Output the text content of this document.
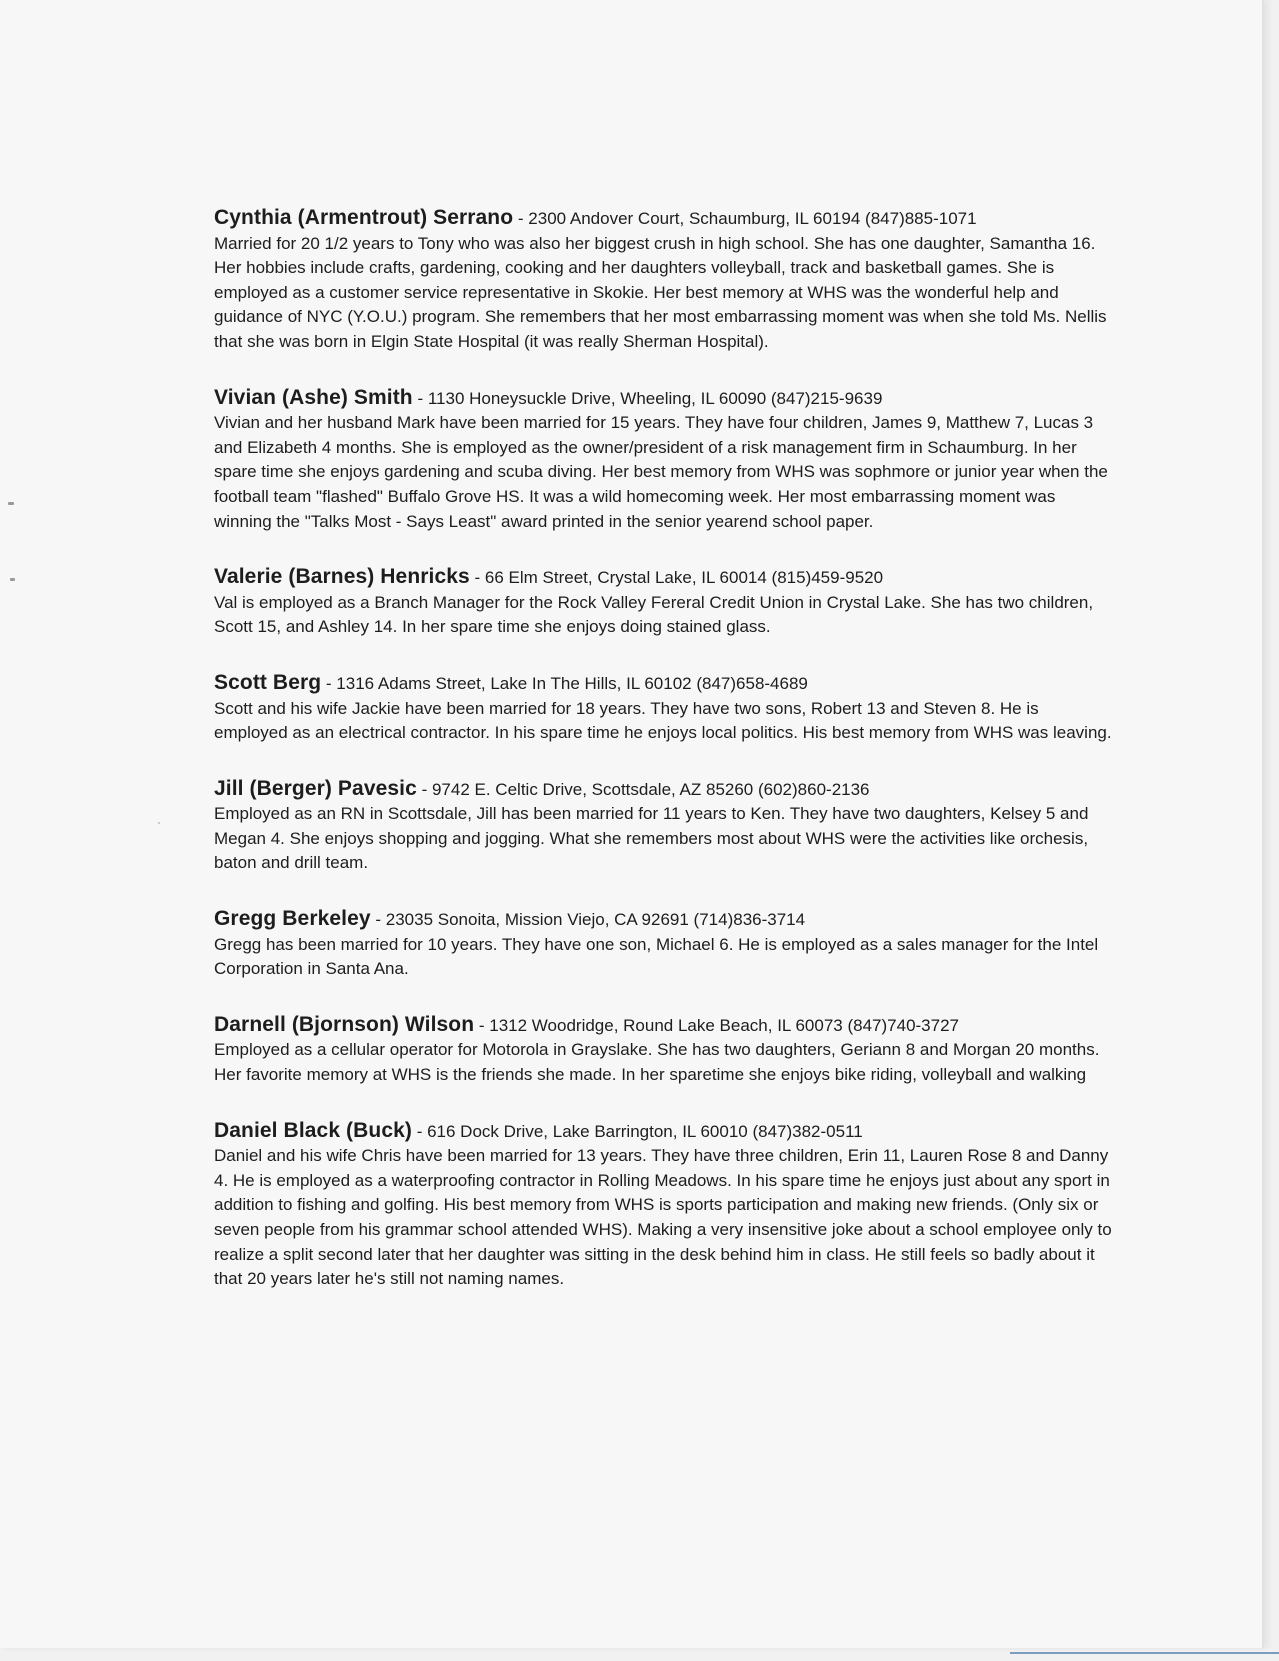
Cynthia (Armentrout) Serrano - 2300 Andover Court, Schaumburg, IL 60194 (847)885-1071
Married for 20 1/2 years to Tony who was also her biggest crush in high school. She has one daughter, Samantha 16. Her hobbies include crafts, gardening, cooking and her daughters volleyball, track and basketball games. She is employed as a customer service representative in Skokie. Her best memory at WHS was the wonderful help and guidance of NYC (Y.O.U.) program. She remembers that her most embarrassing moment was when she told Ms. Nellis that she was born in Elgin State Hospital (it was really Sherman Hospital).
Vivian (Ashe) Smith - 1130 Honeysuckle Drive, Wheeling, IL 60090 (847)215-9639
Vivian and her husband Mark have been married for 15 years. They have four children, James 9, Matthew 7, Lucas 3 and Elizabeth 4 months. She is employed as the owner/president of a risk management firm in Schaumburg. In her spare time she enjoys gardening and scuba diving. Her best memory from WHS was sophmore or junior year when the football team "flashed" Buffalo Grove HS. It was a wild homecoming week. Her most embarrassing moment was winning the "Talks Most - Says Least" award printed in the senior yearend school paper.
Valerie (Barnes) Henricks - 66 Elm Street, Crystal Lake, IL 60014 (815)459-9520
Val is employed as a Branch Manager for the Rock Valley Fereral Credit Union in Crystal Lake. She has two children, Scott 15, and Ashley 14. In her spare time she enjoys doing stained glass.
Scott Berg - 1316 Adams Street, Lake In The Hills, IL 60102 (847)658-4689
Scott and his wife Jackie have been married for 18 years. They have two sons, Robert 13 and Steven 8. He is employed as an electrical contractor. In his spare time he enjoys local politics. His best memory from WHS was leaving.
Jill (Berger) Pavesic - 9742 E. Celtic Drive, Scottsdale, AZ 85260 (602)860-2136
Employed as an RN in Scottsdale, Jill has been married for 11 years to Ken. They have two daughters, Kelsey 5 and Megan 4. She enjoys shopping and jogging. What she remembers most about WHS were the activities like orchesis, baton and drill team.
Gregg Berkeley - 23035 Sonoita, Mission Viejo, CA 92691 (714)836-3714
Gregg has been married for 10 years. They have one son, Michael 6. He is employed as a sales manager for the Intel Corporation in Santa Ana.
Darnell (Bjornson) Wilson - 1312 Woodridge, Round Lake Beach, IL 60073 (847)740-3727
Employed as a cellular operator for Motorola in Grayslake. She has two daughters, Geriann 8 and Morgan 20 months. Her favorite memory at WHS is the friends she made. In her sparetime she enjoys bike riding, volleyball and walking
Daniel Black (Buck) - 616 Dock Drive, Lake Barrington, IL 60010 (847)382-0511
Daniel and his wife Chris have been married for 13 years. They have three children, Erin 11, Lauren Rose 8 and Danny 4. He is employed as a waterproofing contractor in Rolling Meadows. In his spare time he enjoys just about any sport in addition to fishing and golfing. His best memory from WHS is sports participation and making new friends. (Only six or seven people from his grammar school attended WHS). Making a very insensitive joke about a school employee only to realize a split second later that her daughter was sitting in the desk behind him in class. He still feels so badly about it that 20 years later he's still not naming names.
